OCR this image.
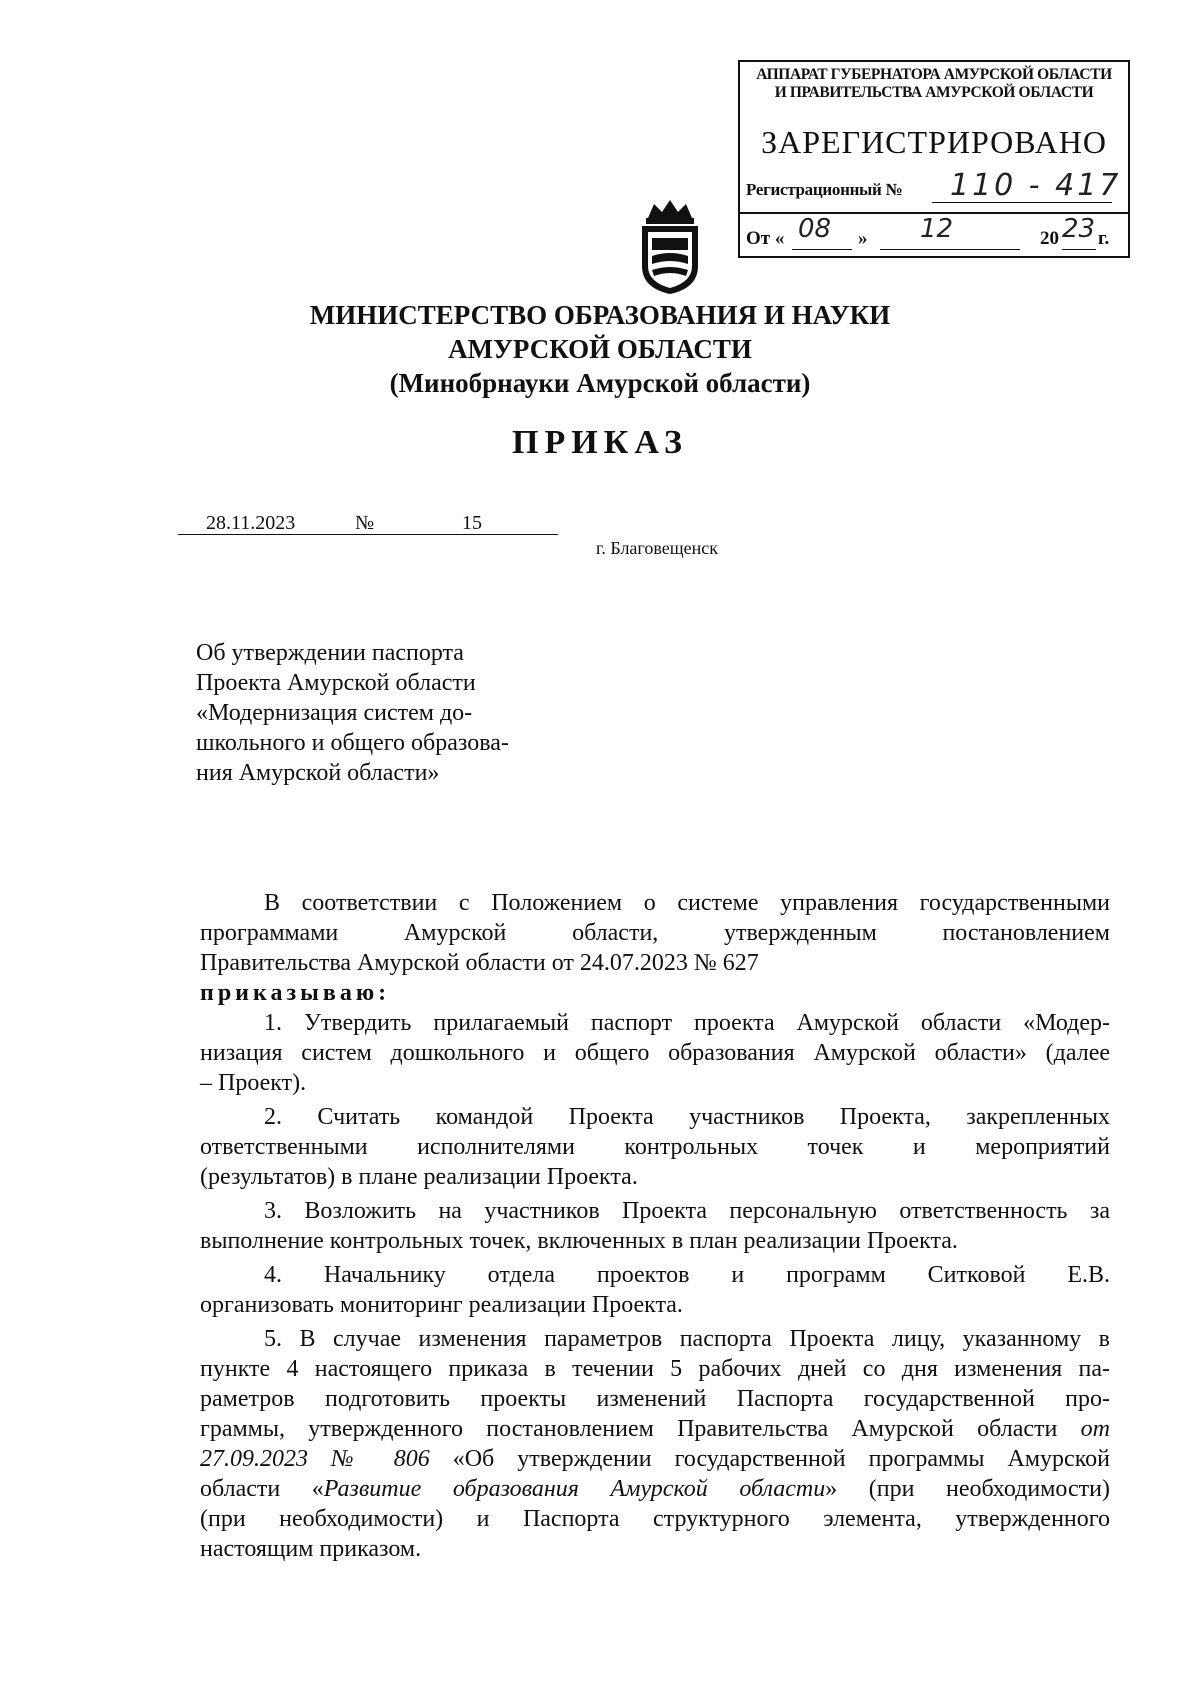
АППАРАТ ГУБЕРНАТОРА АМУРСКОЙ ОБЛАСТИ
И ПРАВИТЕЛЬСТВА АМУРСКОЙ ОБЛАСТИ
ЗАРЕГИСТРИРОВАНО
Регистрационный № 110 - 417
От « 08 » 12	20 23 г.
МИНИСТЕРСТВО ОБРАЗОВАНИЯ И НАУКИ
АМУРСКОЙ ОБЛАСТИ
(Минобрнауки Амурской области)
ПРИКАЗ
28.11.2023	№	15
г. Благовещенск
Об утверждении паспорта
Проекта Амурской области
«Модернизация систем до-
школьного и общего образова-
ния Амурской области»
В соответствии с Положением о системе управления государственными
программами Амурской области, утвержденным постановлением
Правительства Амурской области от 24.07.2023 № 627
приказываю:
1. Утвердить прилагаемый паспорт проекта Амурской области «Модер-
низация систем дошкольного и общего образования Амурской области» (далее
– Проект).
2. Считать командой Проекта участников Проекта, закрепленных
ответственными исполнителями контрольных точек и мероприятий
(результатов) в плане реализации Проекта.
3. Возложить на участников Проекта персональную ответственность за
выполнение контрольных точек, включенных в план реализации Проекта.
4. Начальнику отдела проектов и программ Ситковой Е.В.
организовать мониторинг реализации Проекта.
5. В случае изменения параметров паспорта Проекта лицу, указанному в
пункте 4 настоящего приказа в течении 5 рабочих дней со дня изменения па-
раметров подготовить проекты изменений Паспорта государственной про-
граммы, утвержденного постановлением Правительства Амурской области от
27.09.2023 № 806 «Об утверждении государственной программы Амурской
области «Развитие образования Амурской области» (при необходимости)
(при необходимости) и Паспорта структурного элемента, утвержденного
настоящим приказом.
